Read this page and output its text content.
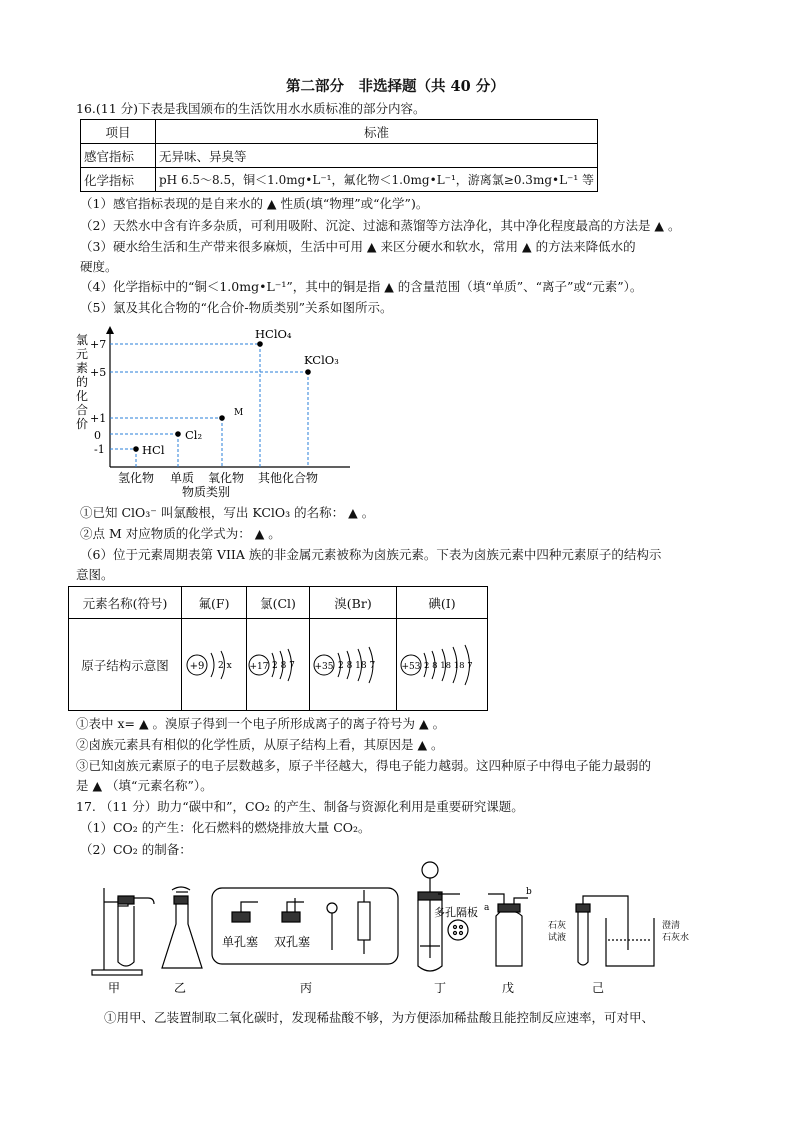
第二部分　非选择题（共 40 分）
16.(11 分)下表是我国颁布的生活饮用水水质标准的部分内容。
项目	标准
感官指标	无异味、异臭等
化学指标	pH 6.5～8.5，铜＜1.0mg•L⁻¹，氟化物＜1.0mg•L⁻¹，游离氯≥0.3mg•L⁻¹ 等
（1）感官指标表现的是自来水的 ▲ 性质(填“物理”或“化学”)。
（2）天然水中含有许多杂质，可利用吸附、沉淀、过滤和蒸馏等方法净化，其中净化程度最高的方法是 ▲ 。
（3）硬水给生活和生产带来很多麻烦，生活中可用 ▲ 来区分硬水和软水，常用 ▲ 的方法来降低水的
硬度。
（4）化学指标中的“铜＜1.0mg•L⁻¹”，其中的铜是指 ▲ 的含量范围（填“单质”、“离子”或“元素”）。
（5）氯及其化合物的“化合价-物质类别”关系如图所示。
氯元素的化合价
+7
+5
+1
0
-1
HClO₄
KClO₃
M
Cl₂
HCl
氢化物 单质 氧化物 其他化合物
物质类别
①已知 ClO₃⁻ 叫氯酸根，写出 KClO₃ 的名称： ▲ 。
②点 M 对应物质的化学式为： ▲ 。
（6）位于元素周期表第 VIIA 族的非金属元素被称为卤族元素。下表为卤族元素中四种元素原子的结构示
意图。
元素名称(符号)	氟(F)	氯(Cl)	溴(Br)	碘(I)
原子结构示意图	+9 2 x	+17 2 8 7	+35 2 8 18 7	+53 2 8 18 18 7
①表中 x= ▲ 。溴原子得到一个电子所形成离子的离子符号为 ▲ 。
②卤族元素具有相似的化学性质，从原子结构上看，其原因是 ▲ 。
③已知卤族元素原子的电子层数越多，原子半径越大，得电子能力越弱。这四种原子中得电子能力最弱的
是 ▲ （填“元素名称”）。
17. （11 分）助力“碳中和”，CO₂ 的产生、制备与资源化利用是重要研究课题。
（1）CO₂ 的产生：化石燃料的燃烧排放大量 CO₂。
（2）CO₂ 的制备：
单孔塞 双孔塞
多孔隔板 a
b
石灰
试液
澄清
石灰水
甲	乙	丙	丁	戊	己
①用甲、乙装置制取二氧化碳时，发现稀盐酸不够，为方便添加稀盐酸且能控制反应速率，可对甲、
